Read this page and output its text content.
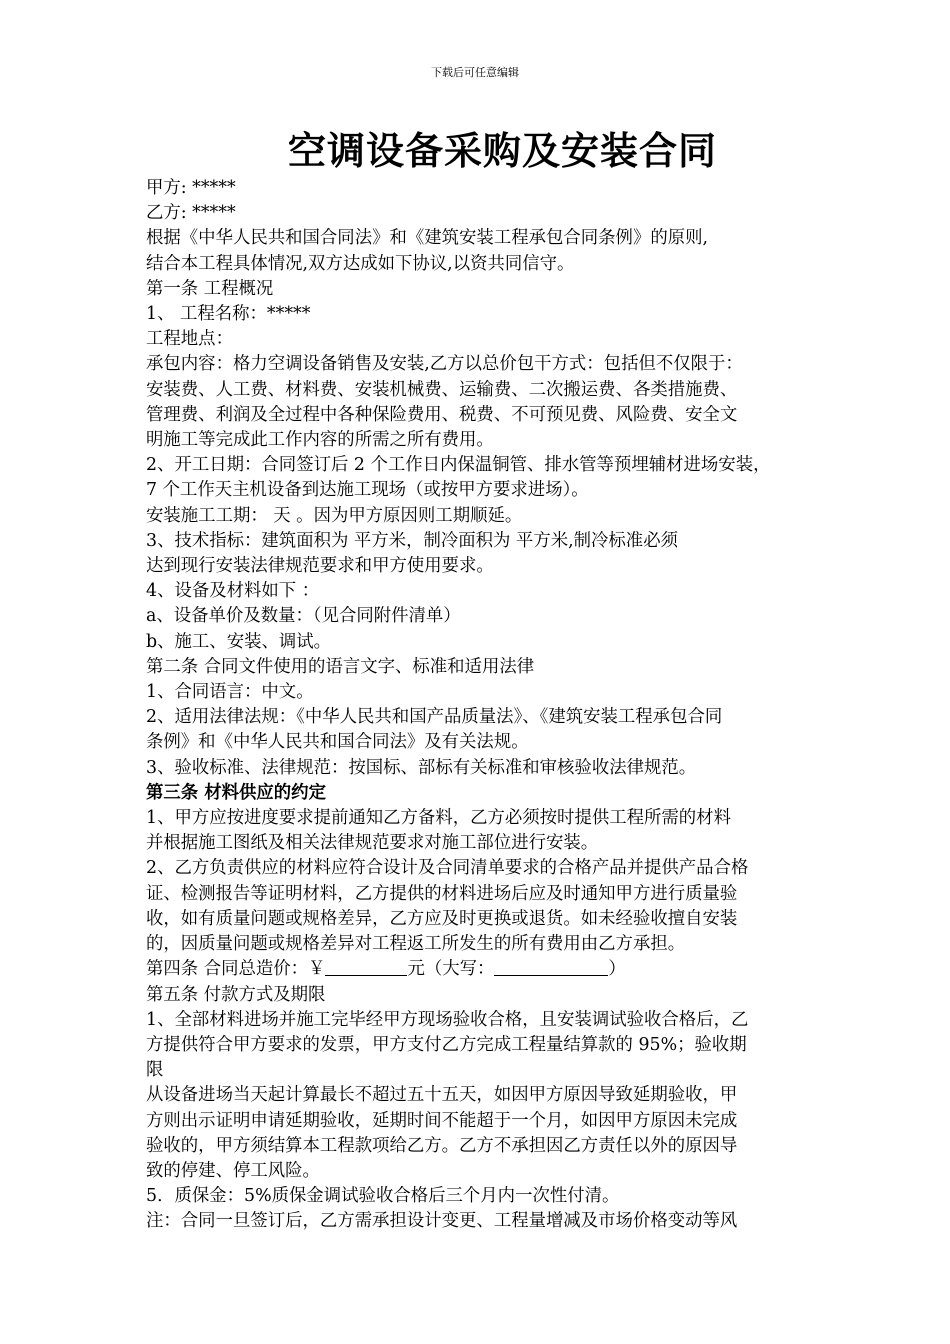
下载后可任意编辑
空调设备采购及安装合同

甲方: *****

乙方: *****

根据《中华人民共和国合同法》和《建筑安装工程承包合同条例》的原则,

结合本工程具体情况,双方达成如下协议,以资共同信守。

第一条 工程概况

1、 工程名称：*****

工程地点：

承包内容：格力空调设备销售及安装,乙方以总价包干方式：包括但不仅限于：

安装费、人工费、材料费、安装机械费、运输费、二次搬运费、各类措施费、

管理费、利润及全过程中各种保险费用、税费、不可预见费、风险费、安全文

明施工等完成此工作内容的所需之所有费用。

2、开工日期：合同签订后 2 个工作日内保温铜管、排水管等预埋辅材进场安装，

7 个工作天主机设备到达施工现场（或按甲方要求进场）。

安装施工工期： 天 。因为甲方原因则工期顺延。

3、技术指标：建筑面积为 平方米，制冷面积为 平方米,制冷标准必须

达到现行安装法律规范要求和甲方使用要求。

4、设备及材料如下 ：

a、设备单价及数量：（见合同附件清单）

b、施工、安装、调试。

第二条 合同文件使用的语言文字、标准和适用法律

1、合同语言：中文。

2、适用法律法规：《中华人民共和国产品质量法》、《建筑安装工程承包合同

条例》和《中华人民共和国合同法》及有关法规。

3、验收标准、法律规范：按国标、部标有关标准和审核验收法律规范。

第三条 材料供应的约定

1、甲方应按进度要求提前通知乙方备料，乙方必须按时提供工程所需的材料

并根据施工图纸及相关法律规范要求对施工部位进行安装。

2、乙方负责供应的材料应符合设计及合同清单要求的合格产品并提供产品合格

证、检测报告等证明材料，乙方提供的材料进场后应及时通知甲方进行质量验

收，如有质量问题或规格差异，乙方应及时更换或退货。如未经验收擅自安装

的，因质量问题或规格差异对工程返工所发生的所有费用由乙方承担。

第四条 合同总造价：￥	元（大写：	）

第五条 付款方式及期限

1、全部材料进场并施工完毕经甲方现场验收合格，且安装调试验收合格后，乙

方提供符合甲方要求的发票，甲方支付乙方完成工程量结算款的 95%；验收期

限

从设备进场当天起计算最长不超过五十五天，如因甲方原因导致延期验收，甲

方则出示证明申请延期验收，延期时间不能超于一个月，如因甲方原因未完成

验收的，甲方须结算本工程款项给乙方。乙方不承担因乙方责任以外的原因导

致的停建、停工风险。

5．质保金：5%质保金调试验收合格后三个月内一次性付清。

注：合同一旦签订后，乙方需承担设计变更、工程量增减及市场价格变动等风
